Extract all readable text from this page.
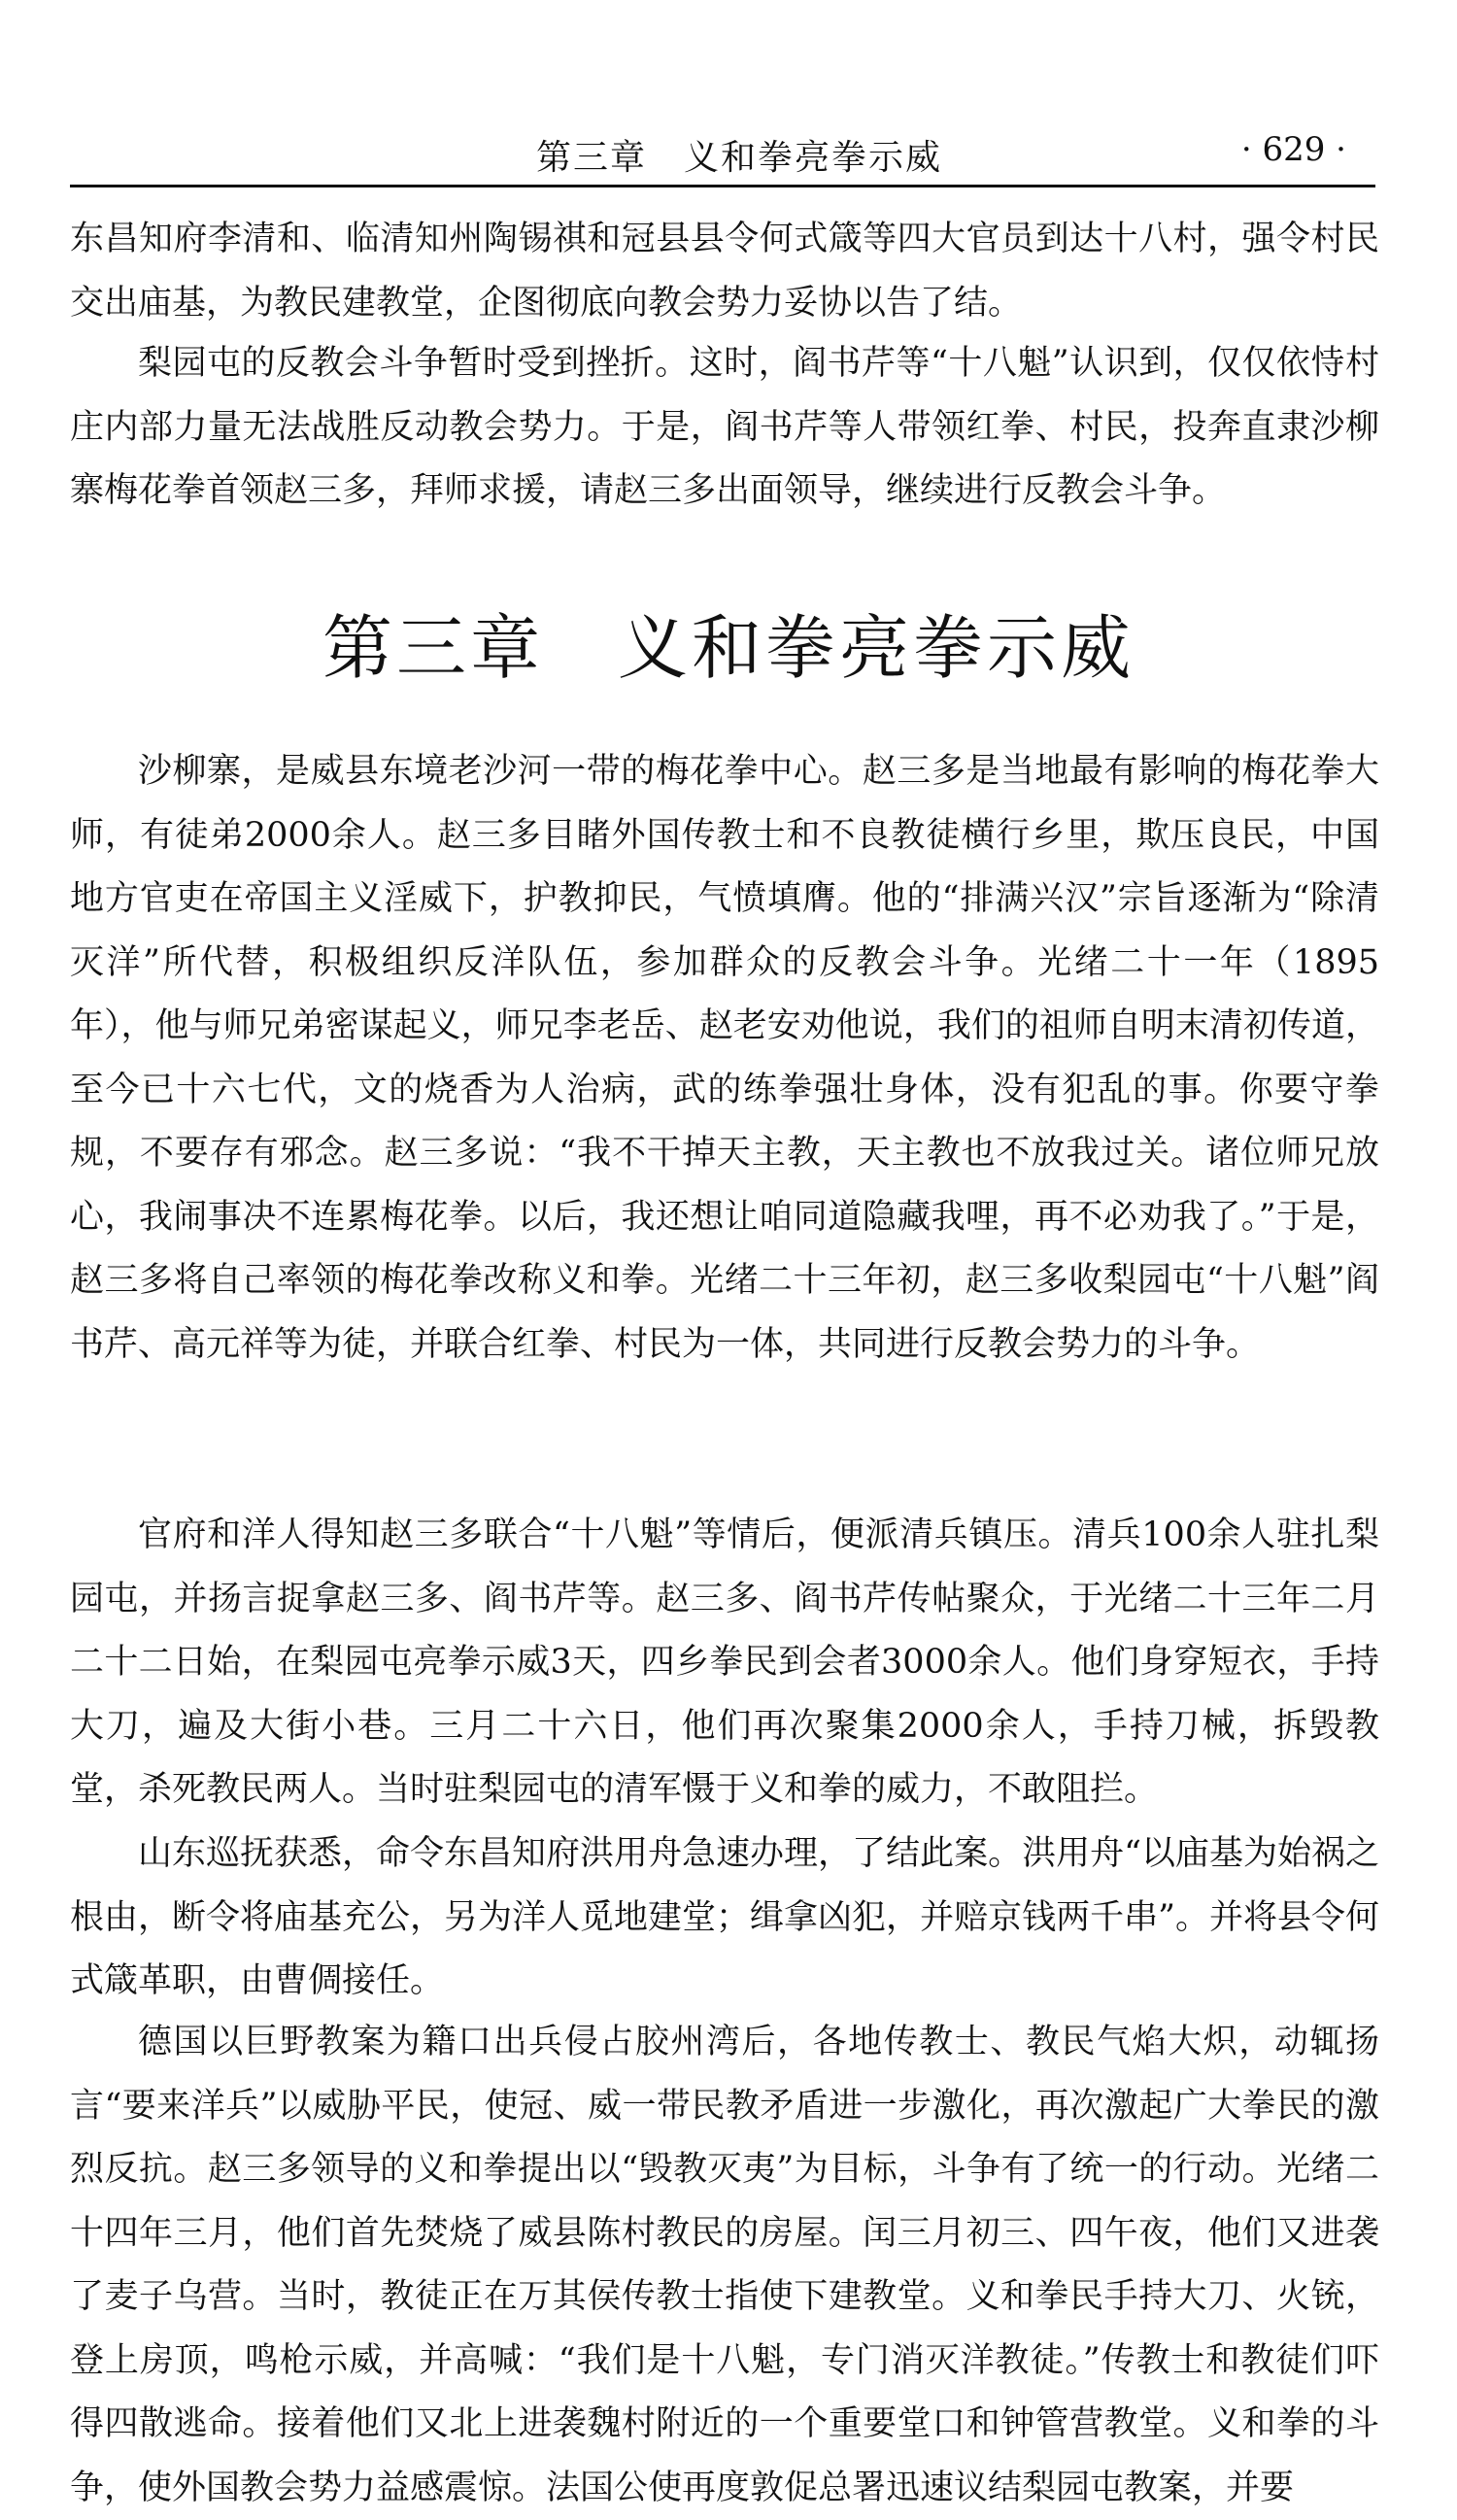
第三章　义和拳亮拳示威	· 629 ·

东昌知府李清和、临清知州陶锡祺和冠县县令何式箴等四大官员到达十八村，强令村民交出庙基，为教民建教堂，企图彻底向教会势力妥协以告了结。

梨园屯的反教会斗争暂时受到挫折。这时，阎书芹等“十八魁”认识到，仅仅依恃村庄内部力量无法战胜反动教会势力。于是，阎书芹等人带领红拳、村民，投奔直隶沙柳寨梅花拳首领赵三多，拜师求援，请赵三多出面领导，继续进行反教会斗争。

第三章　义和拳亮拳示威

沙柳寨，是威县东境老沙河一带的梅花拳中心。赵三多是当地最有影响的梅花拳大师，有徒弟2000余人。赵三多目睹外国传教士和不良教徒横行乡里，欺压良民，中国地方官吏在帝国主义淫威下，护教抑民，气愤填膺。他的“排满兴汉”宗旨逐渐为“除清灭洋”所代替，积极组织反洋队伍，参加群众的反教会斗争。光绪二十一年（1895年），他与师兄弟密谋起义，师兄李老岳、赵老安劝他说，我们的祖师自明末清初传道，至今已十六七代，文的烧香为人治病，武的练拳强壮身体，没有犯乱的事。你要守拳规，不要存有邪念。赵三多说：“我不干掉天主教，天主教也不放我过关。诸位师兄放心，我闹事决不连累梅花拳。以后，我还想让咱同道隐藏我哩，再不必劝我了。”于是，赵三多将自己率领的梅花拳改称义和拳。光绪二十三年初，赵三多收梨园屯“十八魁”阎书芹、高元祥等为徒，并联合红拳、村民为一体，共同进行反教会势力的斗争。

官府和洋人得知赵三多联合“十八魁”等情后，便派清兵镇压。清兵100余人驻扎梨园屯，并扬言捉拿赵三多、阎书芹等。赵三多、阎书芹传帖聚众，于光绪二十三年二月二十二日始，在梨园屯亮拳示威3天，四乡拳民到会者3000余人。他们身穿短衣，手持大刀，遍及大街小巷。三月二十六日，他们再次聚集2000余人，手持刀械，拆毁教堂，杀死教民两人。当时驻梨园屯的清军慑于义和拳的威力，不敢阻拦。

山东巡抚获悉，命令东昌知府洪用舟急速办理，了结此案。洪用舟“以庙基为始祸之根由，断令将庙基充公，另为洋人觅地建堂；缉拿凶犯，并赔京钱两千串”。并将县令何式箴革职，由曹倜接任。

德国以巨野教案为籍口出兵侵占胶州湾后，各地传教士、教民气焰大炽，动辄扬言“要来洋兵”以威胁平民，使冠、威一带民教矛盾进一步激化，再次激起广大拳民的激烈反抗。赵三多领导的义和拳提出以“毁教灭夷”为目标，斗争有了统一的行动。光绪二十四年三月，他们首先焚烧了威县陈村教民的房屋。闰三月初三、四午夜，他们又进袭了麦子乌营。当时，教徒正在万其侯传教士指使下建教堂。义和拳民手持大刀、火铳，登上房顶，鸣枪示威，并高喊：“我们是十八魁，专门消灭洋教徒。”传教士和教徒们吓得四散逃命。接着他们又北上进袭魏村附近的一个重要堂口和钟管营教堂。义和拳的斗争，使外国教会势力益感震惊。法国公使再度敦促总署迅速议结梨园屯教案，并要
